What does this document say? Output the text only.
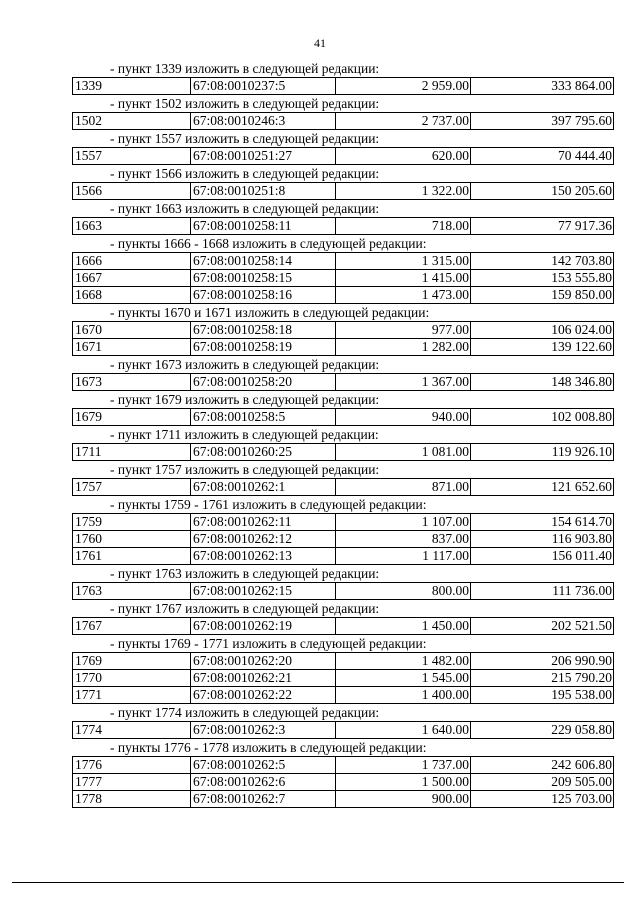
41
- пункт 1339 изложить в следующей редакции:
1339	67:08:0010237:5	2 959.00	333 864.00
- пункт 1502 изложить в следующей редакции:
1502	67:08:0010246:3	2 737.00	397 795.60
- пункт 1557 изложить в следующей редакции:
1557	67:08:0010251:27	620.00	70 444.40
- пункт 1566 изложить в следующей редакции:
1566	67:08:0010251:8	1 322.00	150 205.60
- пункт 1663 изложить в следующей редакции:
1663	67:08:0010258:11	718.00	77 917.36
- пункты 1666 - 1668 изложить в следующей редакции:
1666	67:08:0010258:14	1 315.00	142 703.80
1667	67:08:0010258:15	1 415.00	153 555.80
1668	67:08:0010258:16	1 473.00	159 850.00
- пункты 1670 и 1671 изложить в следующей редакции:
1670	67:08:0010258:18	977.00	106 024.00
1671	67:08:0010258:19	1 282.00	139 122.60
- пункт 1673 изложить в следующей редакции:
1673	67:08:0010258:20	1 367.00	148 346.80
- пункт 1679 изложить в следующей редакции:
1679	67:08:0010258:5	940.00	102 008.80
- пункт 1711 изложить в следующей редакции:
1711	67:08:0010260:25	1 081.00	119 926.10
- пункт 1757 изложить в следующей редакции:
1757	67:08:0010262:1	871.00	121 652.60
- пункты 1759 - 1761 изложить в следующей редакции:
1759	67:08:0010262:11	1 107.00	154 614.70
1760	67:08:0010262:12	837.00	116 903.80
1761	67:08:0010262:13	1 117.00	156 011.40
- пункт 1763 изложить в следующей редакции:
1763	67:08:0010262:15	800.00	111 736.00
- пункт 1767 изложить в следующей редакции:
1767	67:08:0010262:19	1 450.00	202 521.50
- пункты 1769 - 1771 изложить в следующей редакции:
1769	67:08:0010262:20	1 482.00	206 990.90
1770	67:08:0010262:21	1 545.00	215 790.20
1771	67:08:0010262:22	1 400.00	195 538.00
- пункт 1774 изложить в следующей редакции:
1774	67:08:0010262:3	1 640.00	229 058.80
- пункты 1776 - 1778 изложить в следующей редакции:
1776	67:08:0010262:5	1 737.00	242 606.80
1777	67:08:0010262:6	1 500.00	209 505.00
1778	67:08:0010262:7	900.00	125 703.00
